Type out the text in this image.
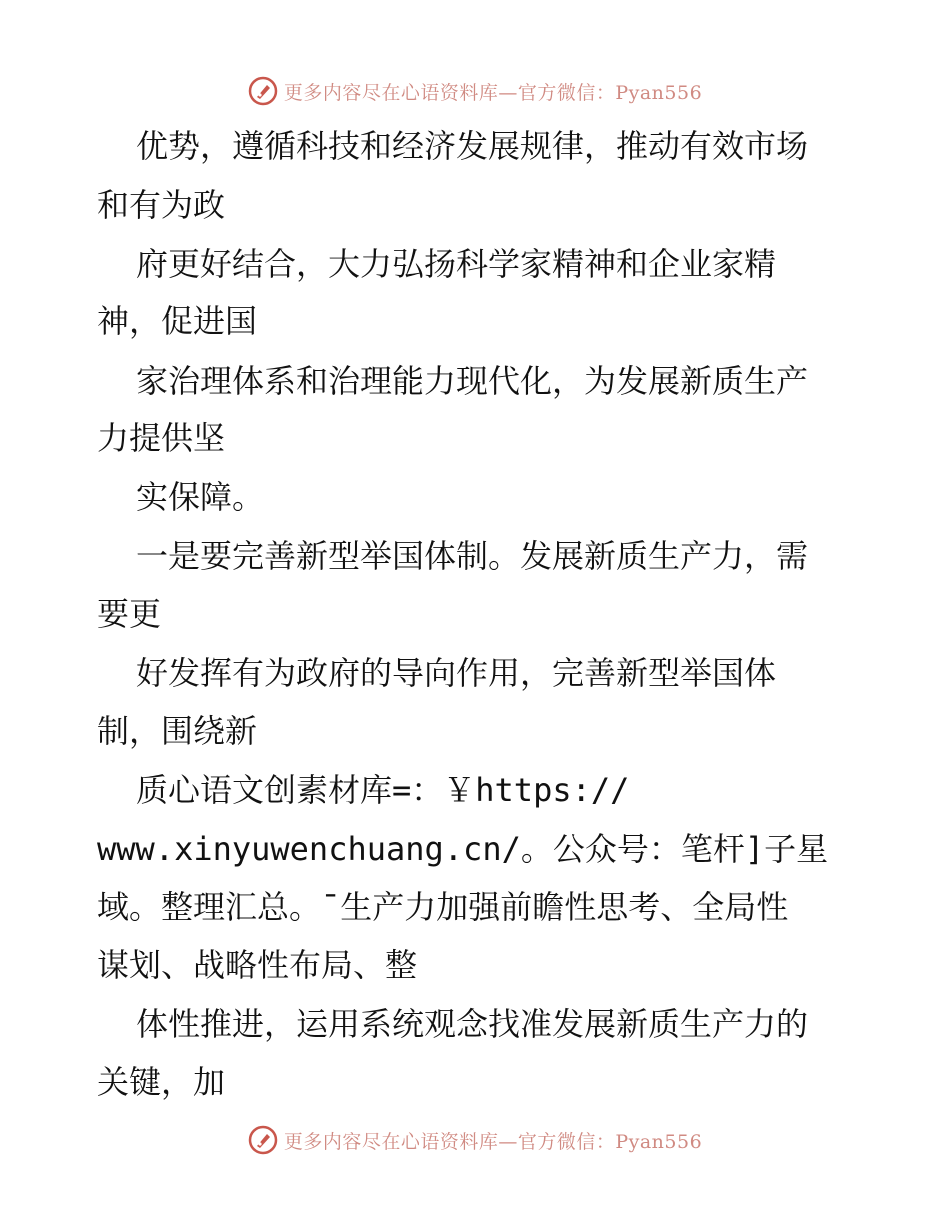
更多内容尽在心语资料库—官方微信：Pyan556
优势，遵循科技和经济发展规律，推动有效市场
和有为政
府更好结合，大力弘扬科学家精神和企业家精
神，促进国
家治理体系和治理能力现代化，为发展新质生产
力提供坚
实保障。
一是要完善新型举国体制。发展新质生产力，需
要更
好发挥有为政府的导向作用，完善新型举国体
制，围绕新
质心语文创素材库=：￥https://
www.xinyuwenchuang.cn/。公众号：笔杆]子星
域。整理汇总。¯生产力加强前瞻性思考、全局性
谋划、战略性布局、整
体性推进，运用系统观念找准发展新质生产力的
关键，加
更多内容尽在心语资料库—官方微信：Pyan556
